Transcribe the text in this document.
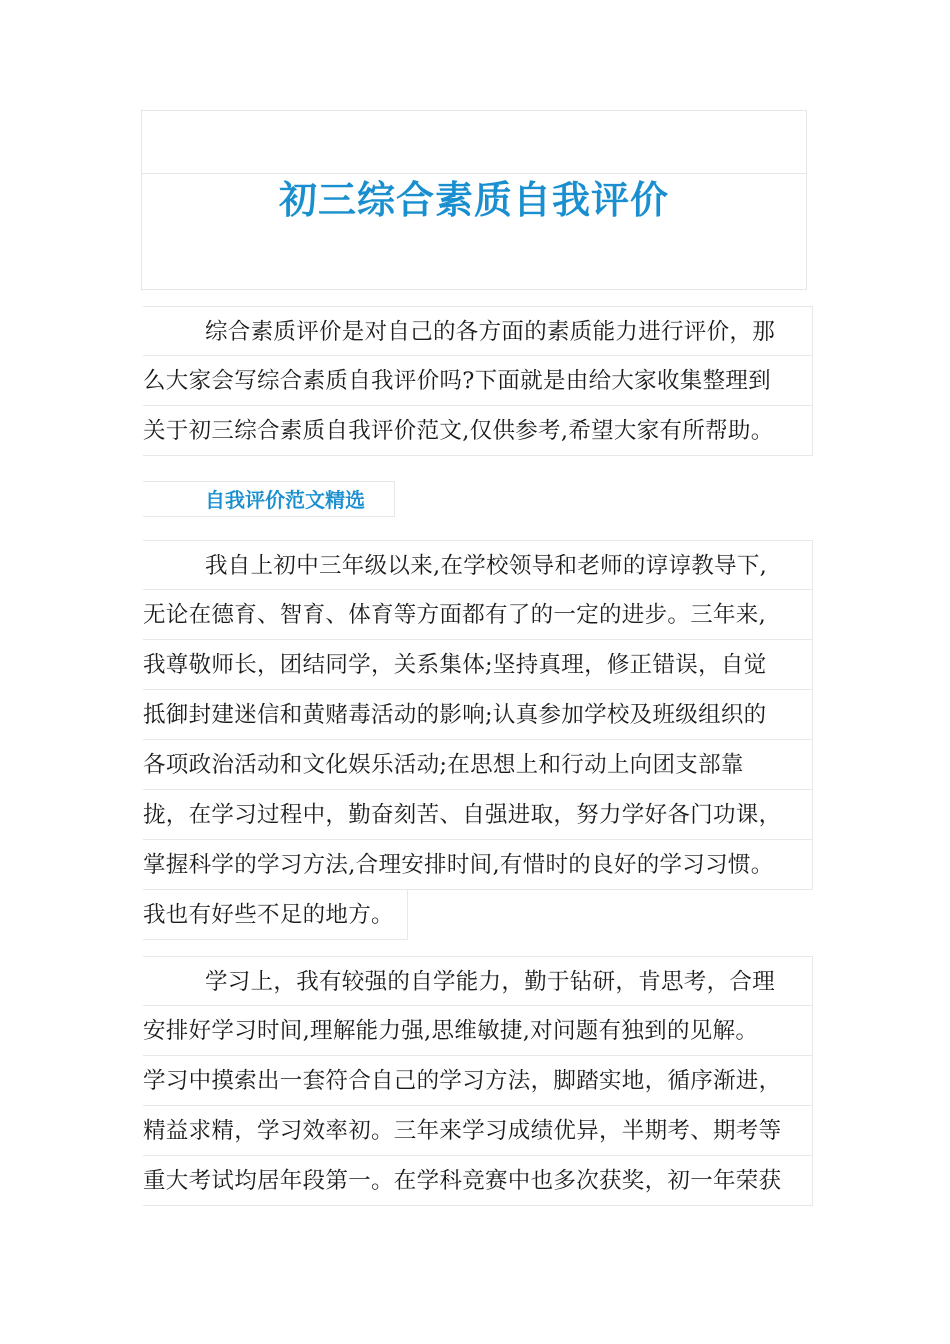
初三综合素质自我评价
综合素质评价是对自己的各方面的素质能力进行评价，那
么大家会写综合素质自我评价吗?下面就是由给大家收集整理到
关于初三综合素质自我评价范文,仅供参考,希望大家有所帮助。
自我评价范文精选
我自上初中三年级以来,在学校领导和老师的谆谆教导下,
无论在德育、智育、体育等方面都有了的一定的进步。三年来,
我尊敬师长，团结同学，关系集体;坚持真理，修正错误，自觉
抵御封建迷信和黄赌毒活动的影响;认真参加学校及班级组织的
各项政治活动和文化娱乐活动;在思想上和行动上向团支部靠
拢，在学习过程中，勤奋刻苦、自强进取，努力学好各门功课，
掌握科学的学习方法,合理安排时间,有惜时的良好的学习习惯。
我也有好些不足的地方。
学习上，我有较强的自学能力，勤于钻研，肯思考，合理
安排好学习时间,理解能力强,思维敏捷,对问题有独到的见解。
学习中摸索出一套符合自己的学习方法，脚踏实地，循序渐进，
精益求精，学习效率初。三年来学习成绩优异，半期考、期考等
重大考试均居年段第一。在学科竞赛中也多次获奖，初一年荣获
